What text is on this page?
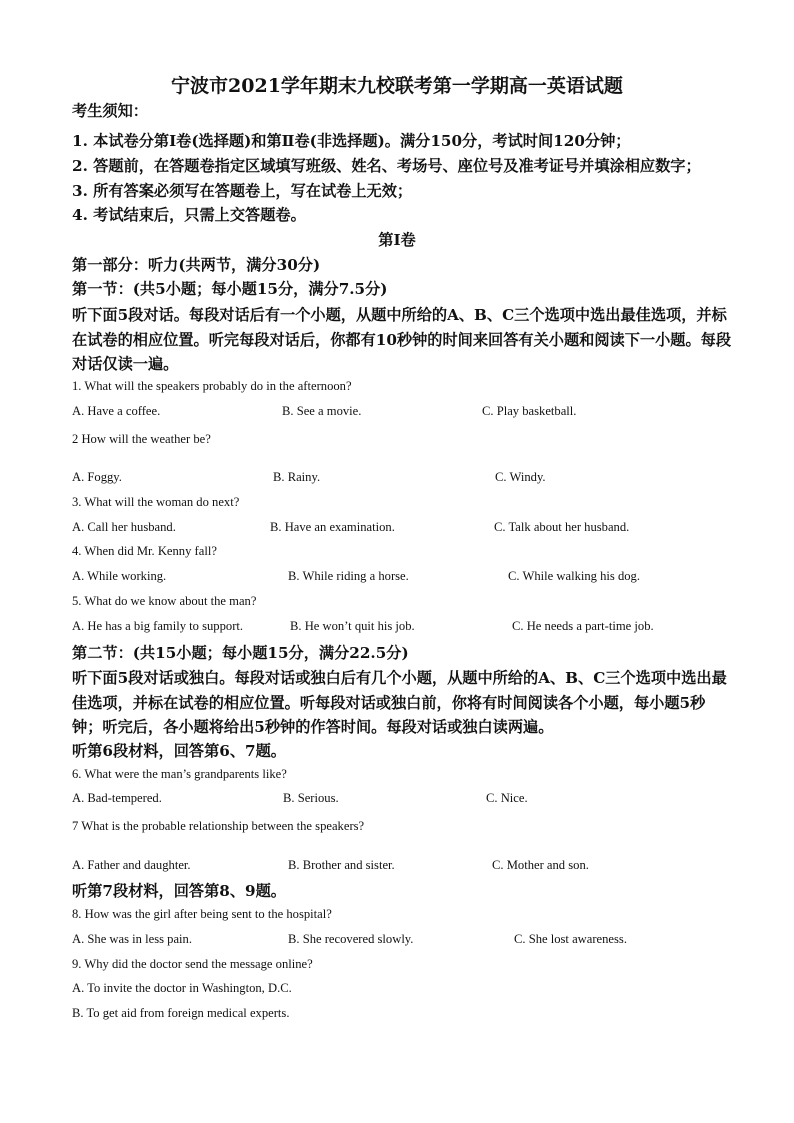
宁波市2021学年期末九校联考第一学期高一英语试题
考生须知：
1. 本试卷分第Ⅰ卷(选择题)和第Ⅱ卷(非选择题)。满分150分，考试时间120分钟；
2. 答题前，在答题卷指定区域填写班级、姓名、考场号、座位号及准考证号并填涂相应数字；
3. 所有答案必须写在答题卷上，写在试卷上无效；
4. 考试结束后，只需上交答题卷。
第Ⅰ卷
第一部分：听力(共两节，满分30分)
第一节：(共5小题；每小题15分，满分7.5分)
听下面5段对话。每段对话后有一个小题，从题中所给的A、B、C三个选项中选出最佳选项，并标在试卷的相应位置。听完每段对话后，你都有10秒钟的时间来回答有关小题和阅读下一小题。每段对话仅读一遍。
1. What will the speakers probably do in the afternoon?
A. Have a coffee.	B. See a movie.	C. Play basketball.
2 How will the weather be?
A. Foggy.	B. Rainy.	C. Windy.
3. What will the woman do next?
A. Call her husband.	B. Have an examination.	C. Talk about her husband.
4. When did Mr. Kenny fall?
A. While working.	B. While riding a horse.	C. While walking his dog.
5. What do we know about the man?
A. He has a big family to support.	B. He won’t quit his job.	C. He needs a part-time job.
第二节：(共15小题；每小题15分，满分22.5分)
听下面5段对话或独白。每段对话或独白后有几个小题，从题中所给的A、B、C三个选项中选出最佳选项，并标在试卷的相应位置。听每段对话或独白前，你将有时间阅读各个小题，每小题5秒钟；听完后，各小题将给出5秒钟的作答时间。每段对话或独白读两遍。
听第6段材料，回答第6、7题。
6. What were the man’s grandparents like?
A. Bad-tempered.	B. Serious.	C. Nice.
7 What is the probable relationship between the speakers?
A. Father and daughter.	B. Brother and sister.	C. Mother and son.
听第7段材料，回答第8、9题。
8. How was the girl after being sent to the hospital?
A. She was in less pain.	B. She recovered slowly.	C. She lost awareness.
9. Why did the doctor send the message online?
A. To invite the doctor in Washington, D.C.
B. To get aid from foreign medical experts.
